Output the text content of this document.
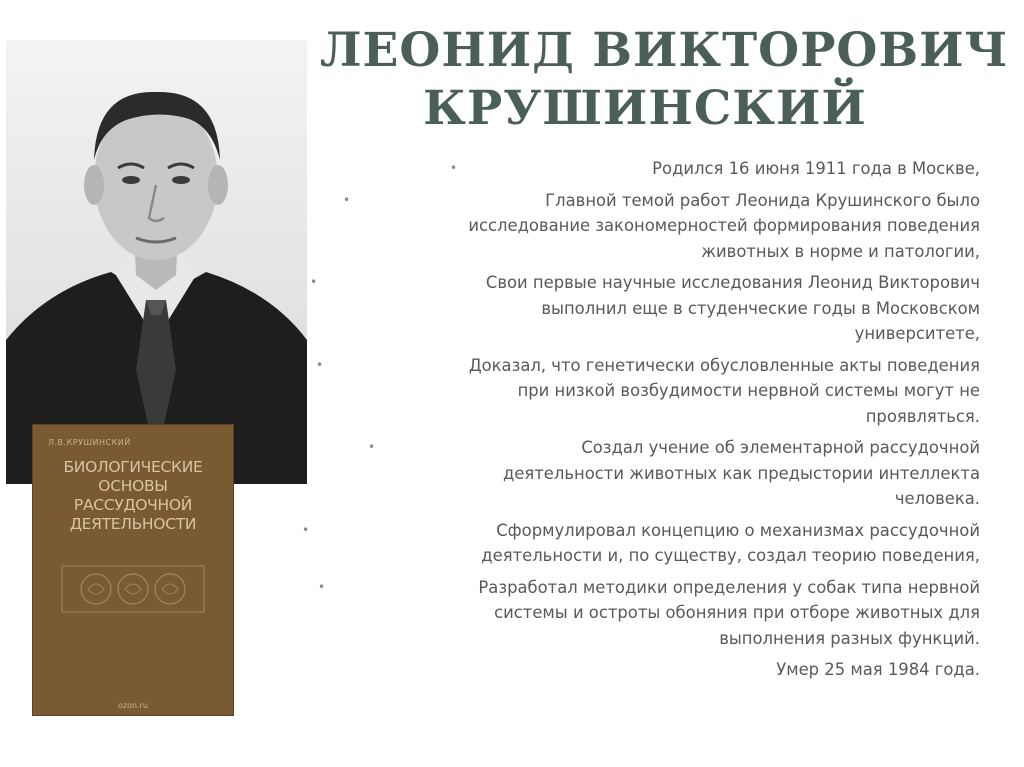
ЛЕОНИД ВИКТОРОВИЧ
КРУШИНСКИЙ
Л.В.КРУШИНСКИЙ
БИОЛОГИЧЕСКИЕ
ОСНОВЫ
РАССУДОЧНОЙ
ДЕЯТЕЛЬНОСТИ
ozon.ru
•	Родился 16 июня 1911 года в Москве,
•	Главной темой работ Леонида Крушинского было
исследование закономерностей формирования поведения
животных в норме и патологии,
•	Свои первые научные исследования Леонид Викторович
выполнил еще в студенческие годы в Московском
университете,
•	Доказал, что генетически обусловленные акты поведения
при низкой возбудимости нервной системы могут не
проявляться.
•	Создал учение об элементарной рассудочной
деятельности животных как предыстории интеллекта
человека.
•	Сформулировал концепцию о механизмах рассудочной
деятельности и, по существу, создал теорию поведения,
•	Разработал методики определения у собак типа нервной
системы и остроты обоняния при отборе животных для
выполнения разных функций.
Умер 25 мая 1984 года.
